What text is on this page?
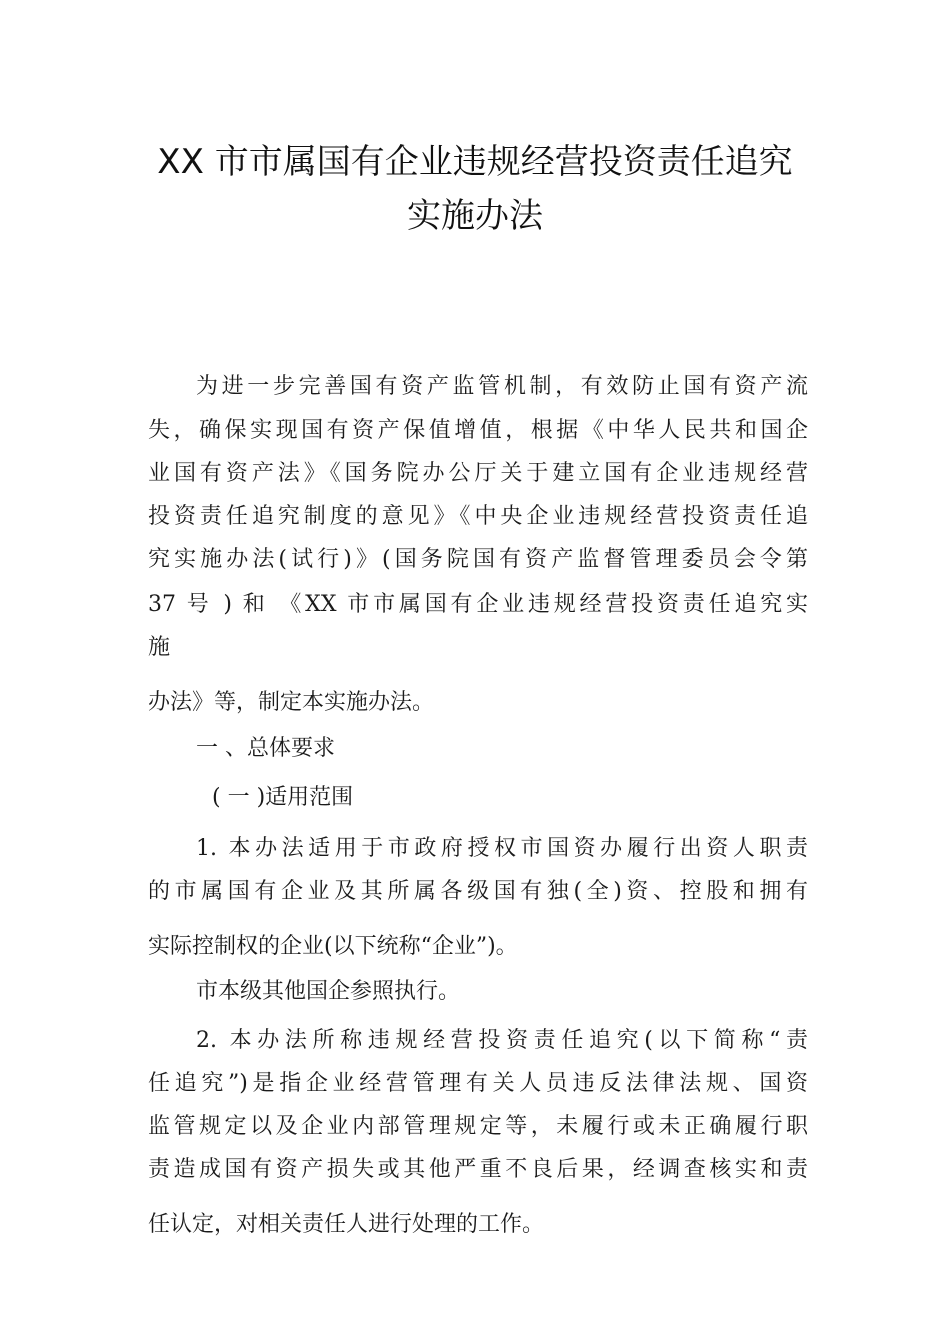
XX 市市属国有企业违规经营投资责任追究
实施办法
为进一步完善国有资产监管机制，有效防止国有资产流
失，确保实现国有资产保值增值，根据《中华人民共和国企
业国有资产法》《国务院办公厅关于建立国有企业违规经营
投资责任追究制度的意见》《中央企业违规经营投资责任追
究实施办法(试行)》(国务院国有资产监督管理委员会令第
37 号 ) 和 《XX 市市属国有企业违规经营投资责任追究实
施
办法》等，制定本实施办法。
一 、总体要求
( 一 )适用范围
1. 本办法适用于市政府授权市国资办履行出资人职责
的市属国有企业及其所属各级国有独(全)资、控股和拥有
实际控制权的企业(以下统称“企业”)。
市本级其他国企参照执行。
2. 本办法所称违规经营投资责任追究(以下简称“责
任追究”)是指企业经营管理有关人员违反法律法规、国资
监管规定以及企业内部管理规定等，未履行或未正确履行职
责造成国有资产损失或其他严重不良后果，经调查核实和责
任认定，对相关责任人进行处理的工作。
